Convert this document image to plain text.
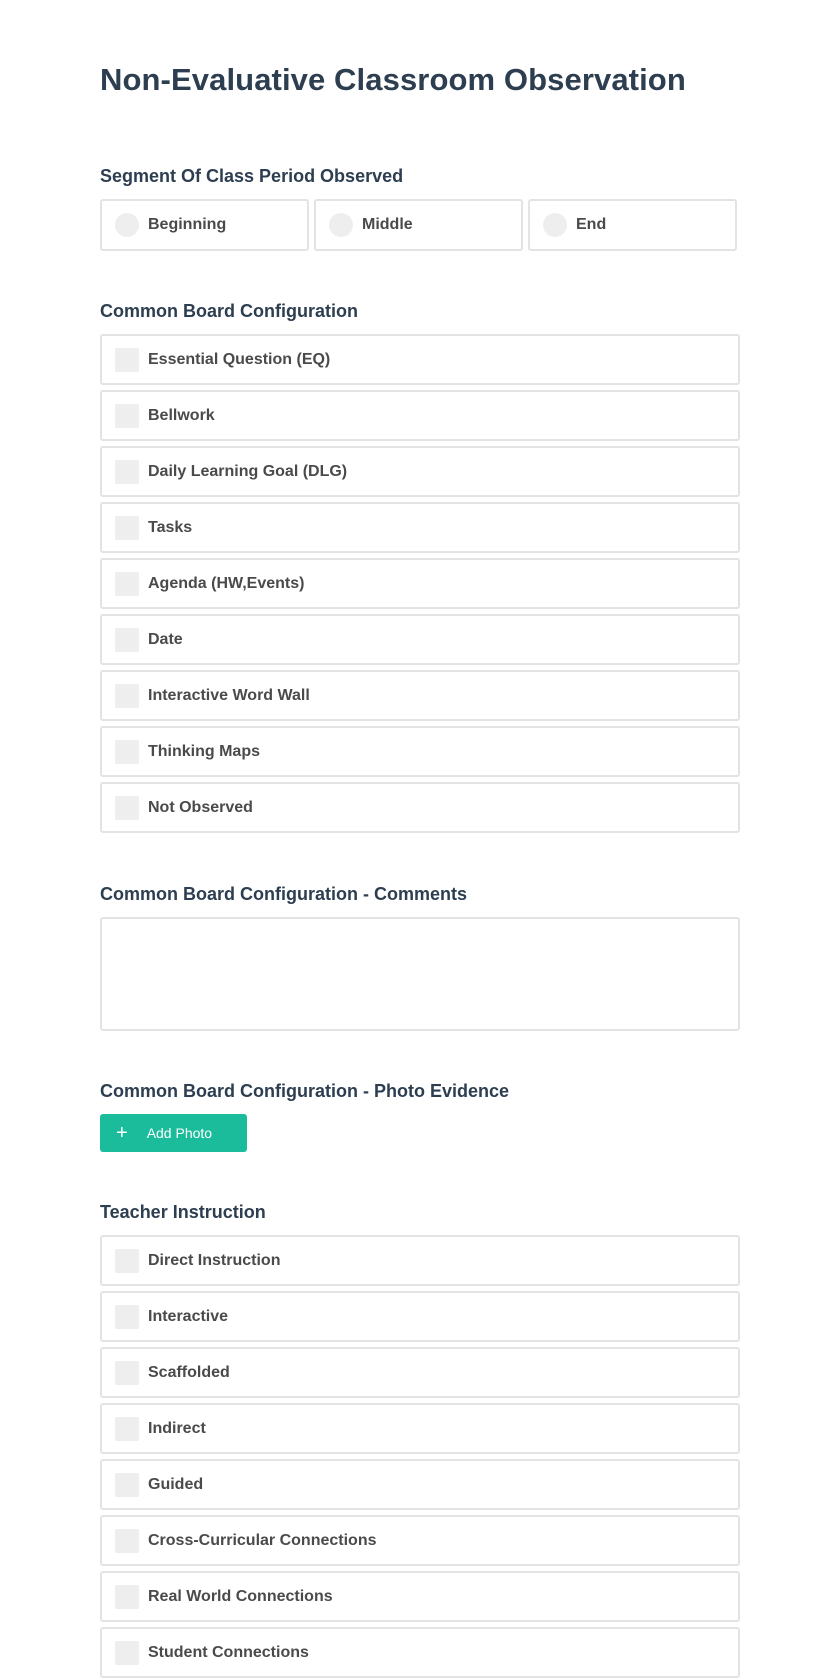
Non-Evaluative Classroom Observation
Segment Of Class Period Observed
Beginning	Middle	End
Common Board Configuration
Essential Question (EQ)
Bellwork
Daily Learning Goal (DLG)
Tasks
Agenda (HW,Events)
Date
Interactive Word Wall
Thinking Maps
Not Observed
Common Board Configuration - Comments
Common Board Configuration - Photo Evidence
+ Add Photo
Teacher Instruction
Direct Instruction
Interactive
Scaffolded
Indirect
Guided
Cross-Curricular Connections
Real World Connections
Student Connections
